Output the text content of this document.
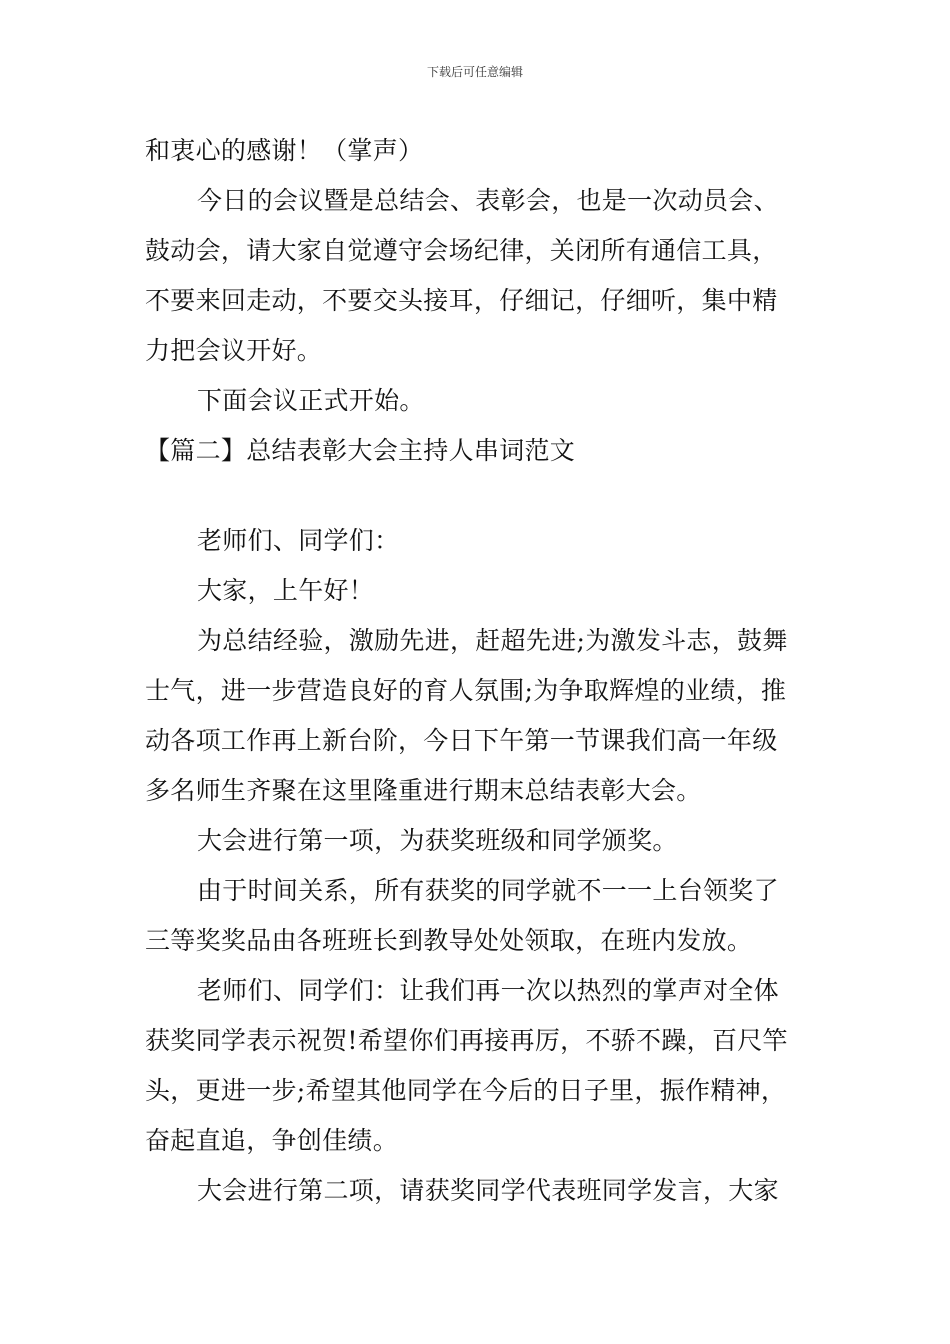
下载后可任意编辑
和衷心的感谢！（掌声）
今日的会议暨是总结会、表彰会，也是一次动员会、
鼓动会，请大家自觉遵守会场纪律，关闭所有通信工具，
不要来回走动，不要交头接耳，仔细记，仔细听，集中精
力把会议开好。
下面会议正式开始。
【篇二】总结表彰大会主持人串词范文
老师们、同学们：
大家，上午好！
为总结经验，激励先进，赶超先进;为激发斗志，鼓舞
士气，进一步营造良好的育人氛围;为争取辉煌的业绩，推
动各项工作再上新台阶，今日下午第一节课我们高一年级
多名师生齐聚在这里隆重进行期末总结表彰大会。
大会进行第一项，为获奖班级和同学颁奖。
由于时间关系，所有获奖的同学就不一一上台领奖了
三等奖奖品由各班班长到教导处处领取，在班内发放。
老师们、同学们：让我们再一次以热烈的掌声对全体
获奖同学表示祝贺!希望你们再接再厉，不骄不躁，百尺竿
头，更进一步;希望其他同学在今后的日子里，振作精神，
奋起直追，争创佳绩。
大会进行第二项，请获奖同学代表班同学发言，大家
